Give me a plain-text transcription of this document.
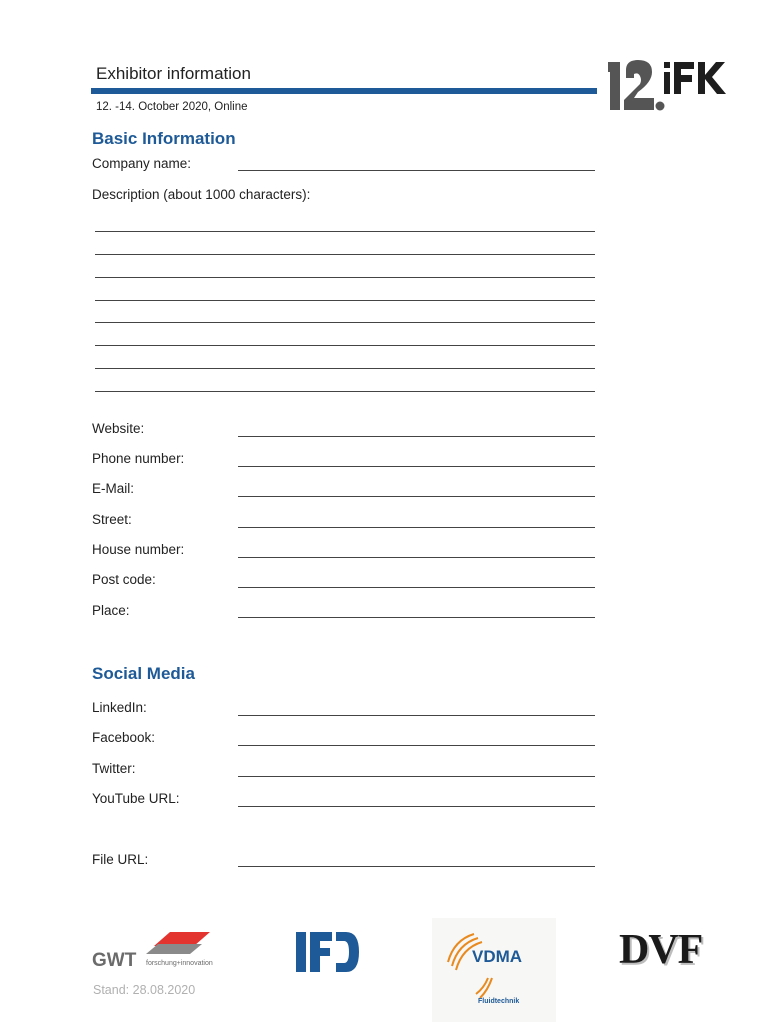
Exhibitor information
12. -14. October 2020, Online
Basic Information
Company name:
Description (about 1000 characters):
Website:
Phone number:
E-Mail:
Street:
House number:
Post code:
Place:
Social Media
LinkedIn:
Facebook:
Twitter:
YouTube URL:
File URL:
GWT forschung+innovation	VDMA
Fluidtechnik
DVF
Stand: 28.08.2020
